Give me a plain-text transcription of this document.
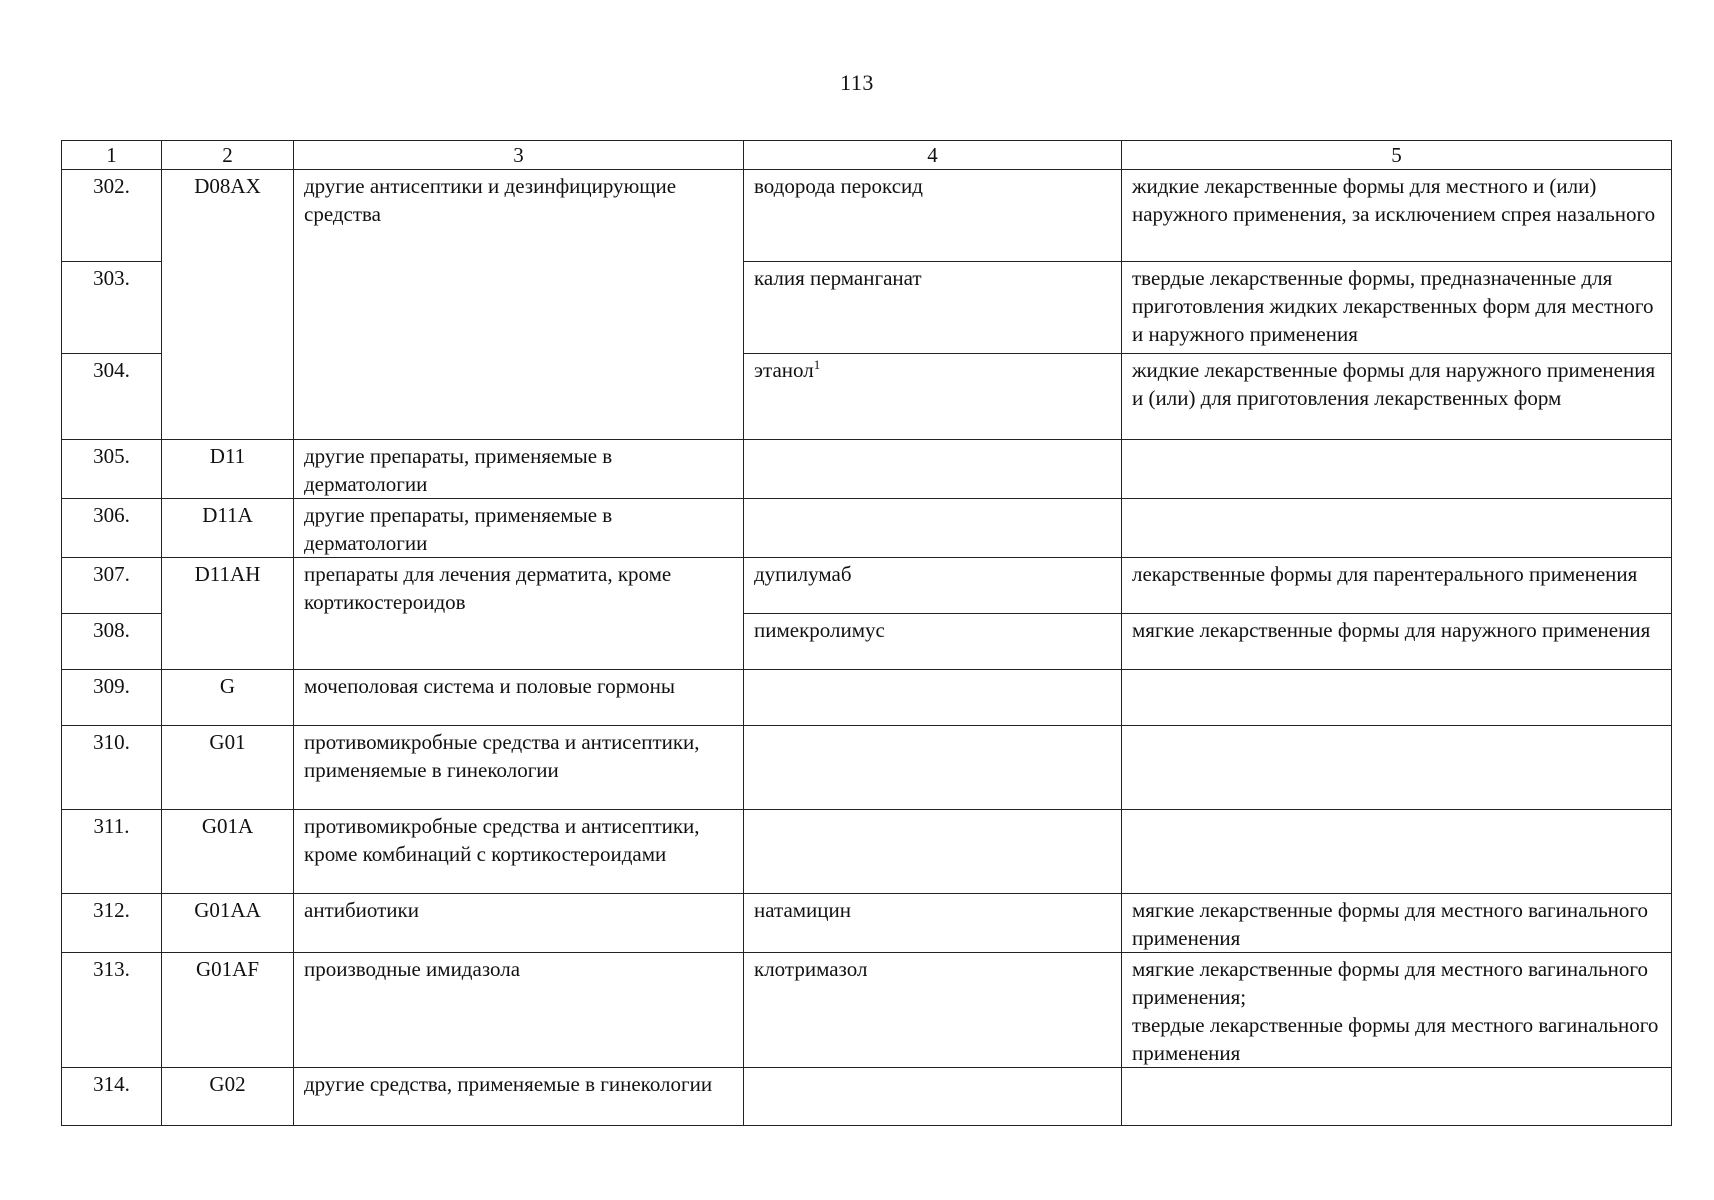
113
1	2	3	4	5
302.	D08AX	другие антисептики и дезинфицирующие средства	водорода пероксид	жидкие лекарственные формы для местного и (или) наружного применения, за исключением спрея назального

303.			калия перманганат	твердые лекарственные формы, предназначенные для приготовления жидких лекарственных форм для местного и наружного применения

304.			этанол$^1$	жидкие лекарственные формы для наружного применения и (или) для приготовления лекарственных форм

305.	D11	другие препараты, применяемые в дерматологии		
306.	D11A	другие препараты, применяемые в дерматологии		
307.	D11AH	препараты для лечения дерматита, кроме кортикостероидов	дупилумаб	лекарственные формы для парентерального применения

308.			пимекролимус	мягкие лекарственные формы для наружного применения

309.	G	мочеполовая система и половые гормоны		
310.	G01	противомикробные средства и антисептики, применяемые в гинекологии		
311.	G01A	противомикробные средства и антисептики, кроме комбинаций с кортикостероидами		
312.	G01AA	антибиотики	натамицин	мягкие лекарственные формы для местного вагинального применения

313.	G01AF	производные имидазола	клотримазол	мягкие лекарственные формы для местного вагинального применения;
твердые лекарственные формы для местного вагинального применения

314.	G02	другие средства, применяемые в гинекологии		
